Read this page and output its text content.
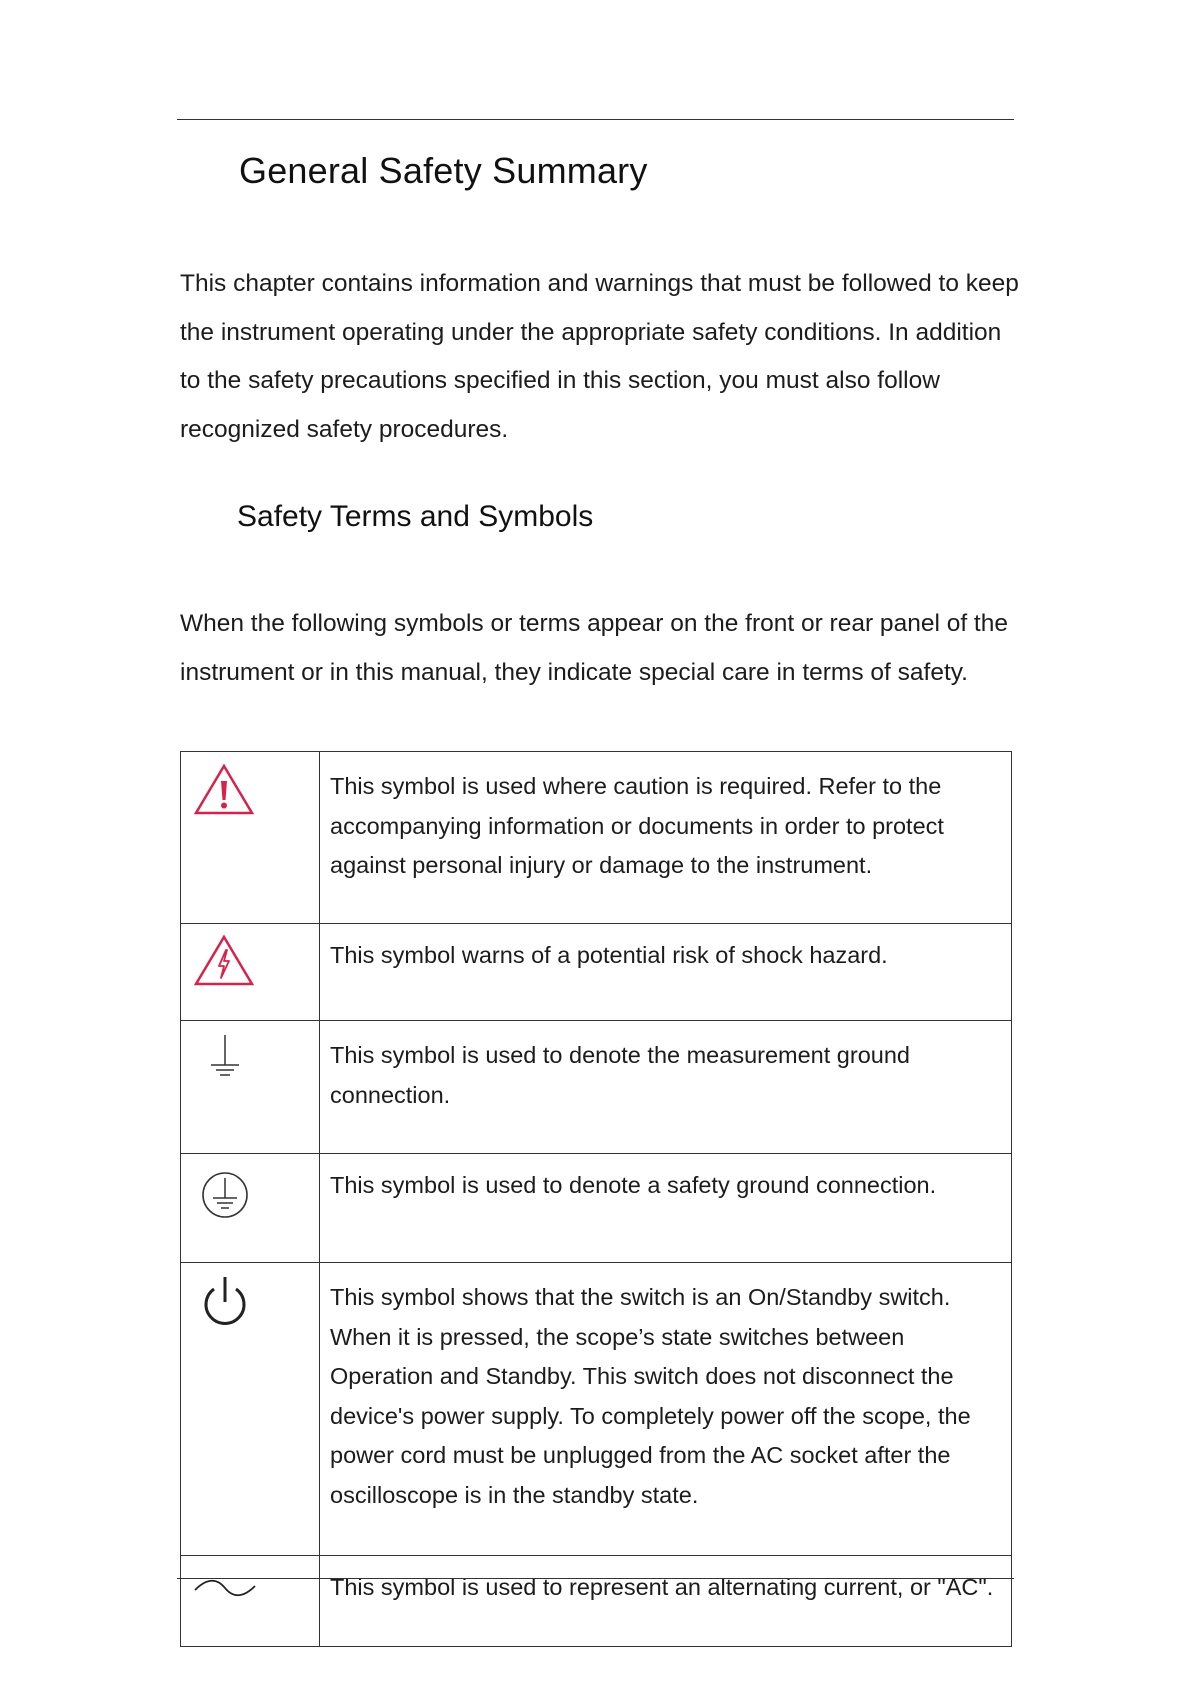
General Safety Summary

This chapter contains information and warnings that must be followed to keep the instrument operating under the appropriate safety conditions. In addition to the safety precautions specified in this section, you must also follow recognized safety procedures.

Safety Terms and Symbols

When the following symbols or terms appear on the front or rear panel of the instrument or in this manual, they indicate special care in terms of safety.

	This symbol is used where caution is required. Refer to the accompanying information or documents in order to protect against personal injury or damage to the instrument.

	This symbol warns of a potential risk of shock hazard.

	This symbol is used to denote the measurement ground connection.

	This symbol is used to denote a safety ground connection.

	This symbol shows that the switch is an On/Standby switch. When it is pressed, the scope’s state switches between Operation and Standby. This switch does not disconnect the device's power supply. To completely power off the scope, the power cord must be unplugged from the AC socket after the oscilloscope is in the standby state.

	This symbol is used to represent an alternating current, or "AC".
